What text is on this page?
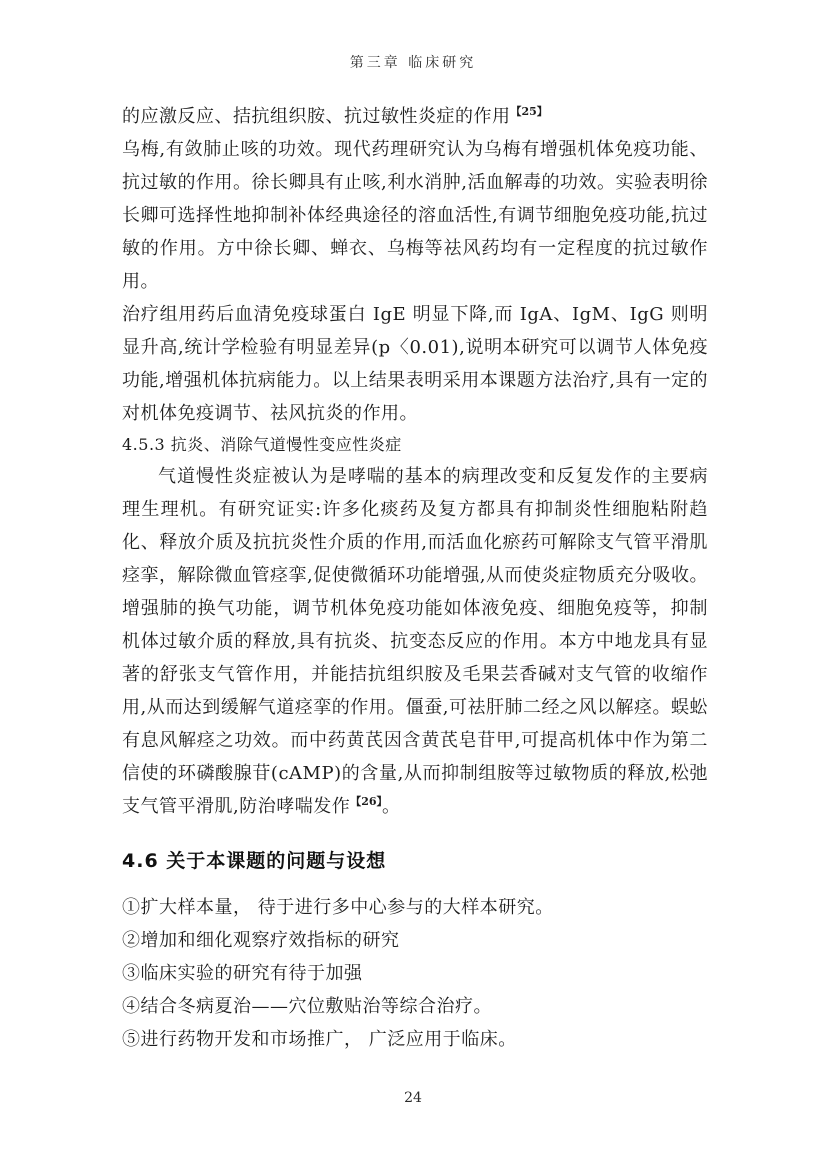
第三章 临床研究

的应激反应、拮抗组织胺、抗过敏性炎症的作用$^{【25】}$

乌梅,有敛肺止咳的功效。现代药理研究认为乌梅有增强机体免疫功能、抗过敏的作用。徐长卿具有止咳,利水消肿,活血解毒的功效。实验表明徐长卿可选择性地抑制补体经典途径的溶血活性,有调节细胞免疫功能,抗过敏的作用。方中徐长卿、蝉衣、乌梅等祛风药均有一定程度的抗过敏作用。

治疗组用药后血清免疫球蛋白 IgE 明显下降,而 IgA、IgM、IgG 则明显升高,统计学检验有明显差异(p〈0.01),说明本研究可以调节人体免疫功能,增强机体抗病能力。以上结果表明采用本课题方法治疗,具有一定的对机体免疫调节、祛风抗炎的作用。

4.5.3 抗炎、消除气道慢性变应性炎症

气道慢性炎症被认为是哮喘的基本的病理改变和反复发作的主要病理生理机。有研究证实:许多化痰药及复方都具有抑制炎性细胞粘附趋化、释放介质及抗抗炎性介质的作用,而活血化瘀药可解除支气管平滑肌痉挛，解除微血管痉挛,促使微循环功能增强,从而使炎症物质充分吸收。增强肺的换气功能，调节机体免疫功能如体液免疫、细胞免疫等，抑制机体过敏介质的释放,具有抗炎、抗变态反应的作用。本方中地龙具有显著的舒张支气管作用，并能拮抗组织胺及毛果芸香碱对支气管的收缩作用,从而达到缓解气道痉挛的作用。僵蚕,可祛肝肺二经之风以解痉。蜈蚣有息风解痉之功效。而中药黄芪因含黄芪皂苷甲,可提高机体中作为第二信使的环磷酸腺苷(cAMP)的含量,从而抑制组胺等过敏物质的释放,松弛支气管平滑肌,防治哮喘发作$^{【26】}$。

4.6 关于本课题的问题与设想

①扩大样本量， 待于进行多中心参与的大样本研究。

②增加和细化观察疗效指标的研究

③临床实验的研究有待于加强

④结合冬病夏治——穴位敷贴治等综合治疗。

⑤进行药物开发和市场推广， 广泛应用于临床。

24
